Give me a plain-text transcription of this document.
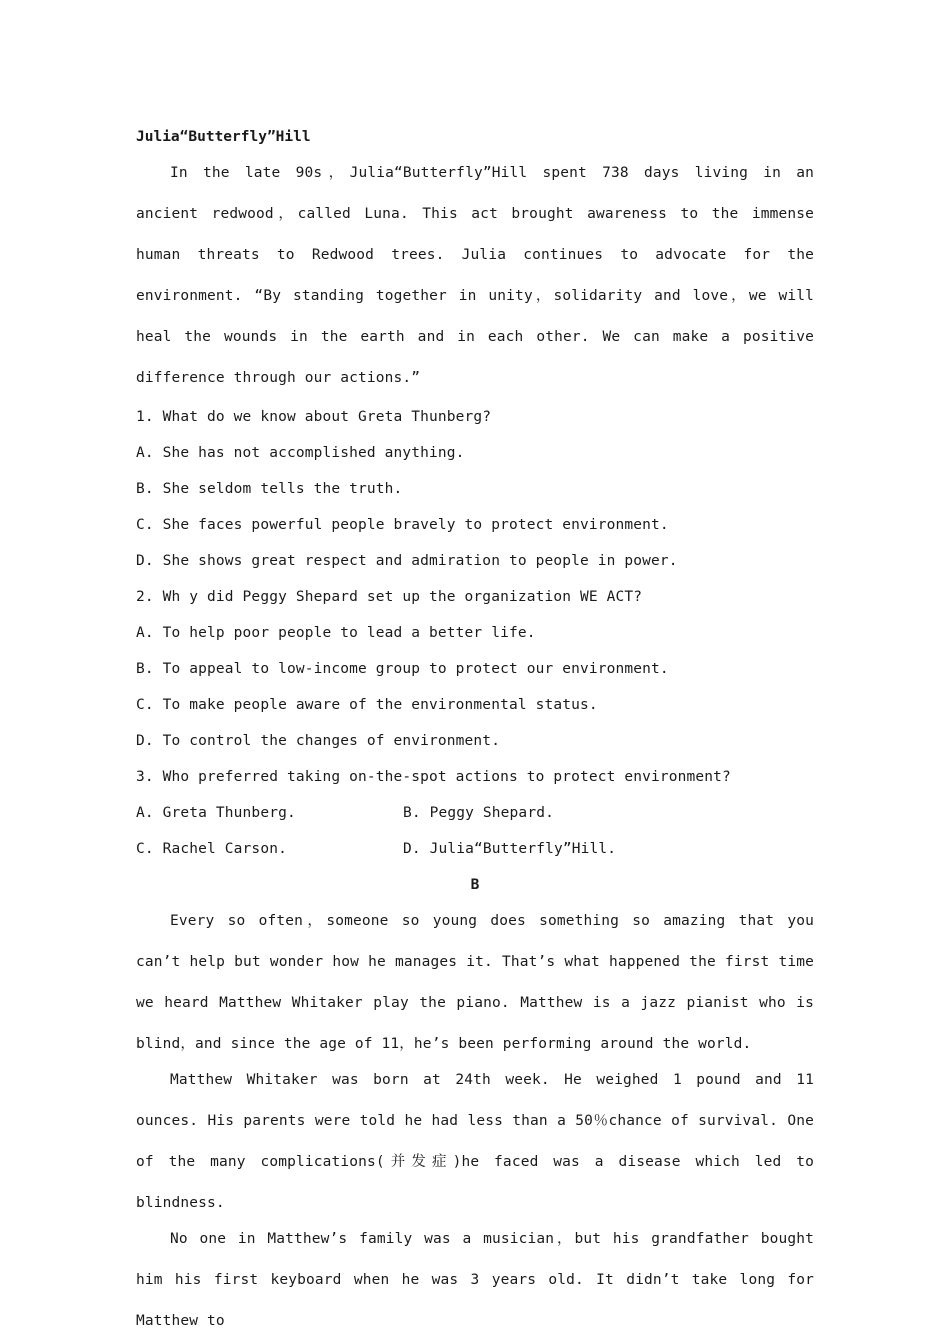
Julia“Butterfly”Hill
In the late 90s，Julia“Butterfly”Hill spent 738 days living in an ancient redwood，called Luna. This act brought awareness to the immense human threats to Redwood trees. Julia continues to advocate for the environment. “By standing together in unity，solidarity and love，we will heal the wounds in the earth and in each other. We can make a positive difference through our actions.”
1. What do we know about Greta Thunberg?
A. She has not accomplished anything.
B. She seldom tells the truth.
C. She faces powerful people bravely to protect environment.
D. She shows great respect and admiration to people in power.
2. Wh y did Peggy Shepard set up the organization WE ACT?
A. To help poor people to lead a better life.
B. To appeal to low-income group to protect our environment.
C. To make people aware of the environmental status.
D. To control the changes of environment.
3. Who preferred taking on-the-spot actions to protect environment?
A. Greta Thunberg.	B. Peggy Shepard.
C. Rachel Carson.	D. Julia“Butterfly”Hill.
B
Every so often，someone so young does something so amazing that you can’t help but wonder how he manages it. That’s what happened the first time we heard Matthew Whitaker play the piano. Matthew is a jazz pianist who is blind，and since the age of 11，he’s been performing around the world.
Matthew Whitaker was born at 24th week. He weighed 1 pound and 11 ounces. His parents were told he had less than a 50％chance of survival. One of the many complications(并发症)he faced was a disease which led to blindness.
No one in Matthew’s family was a musician，but his grandfather bought him his first keyboard when he was 3 years old. It didn’t take long for Matthew to
